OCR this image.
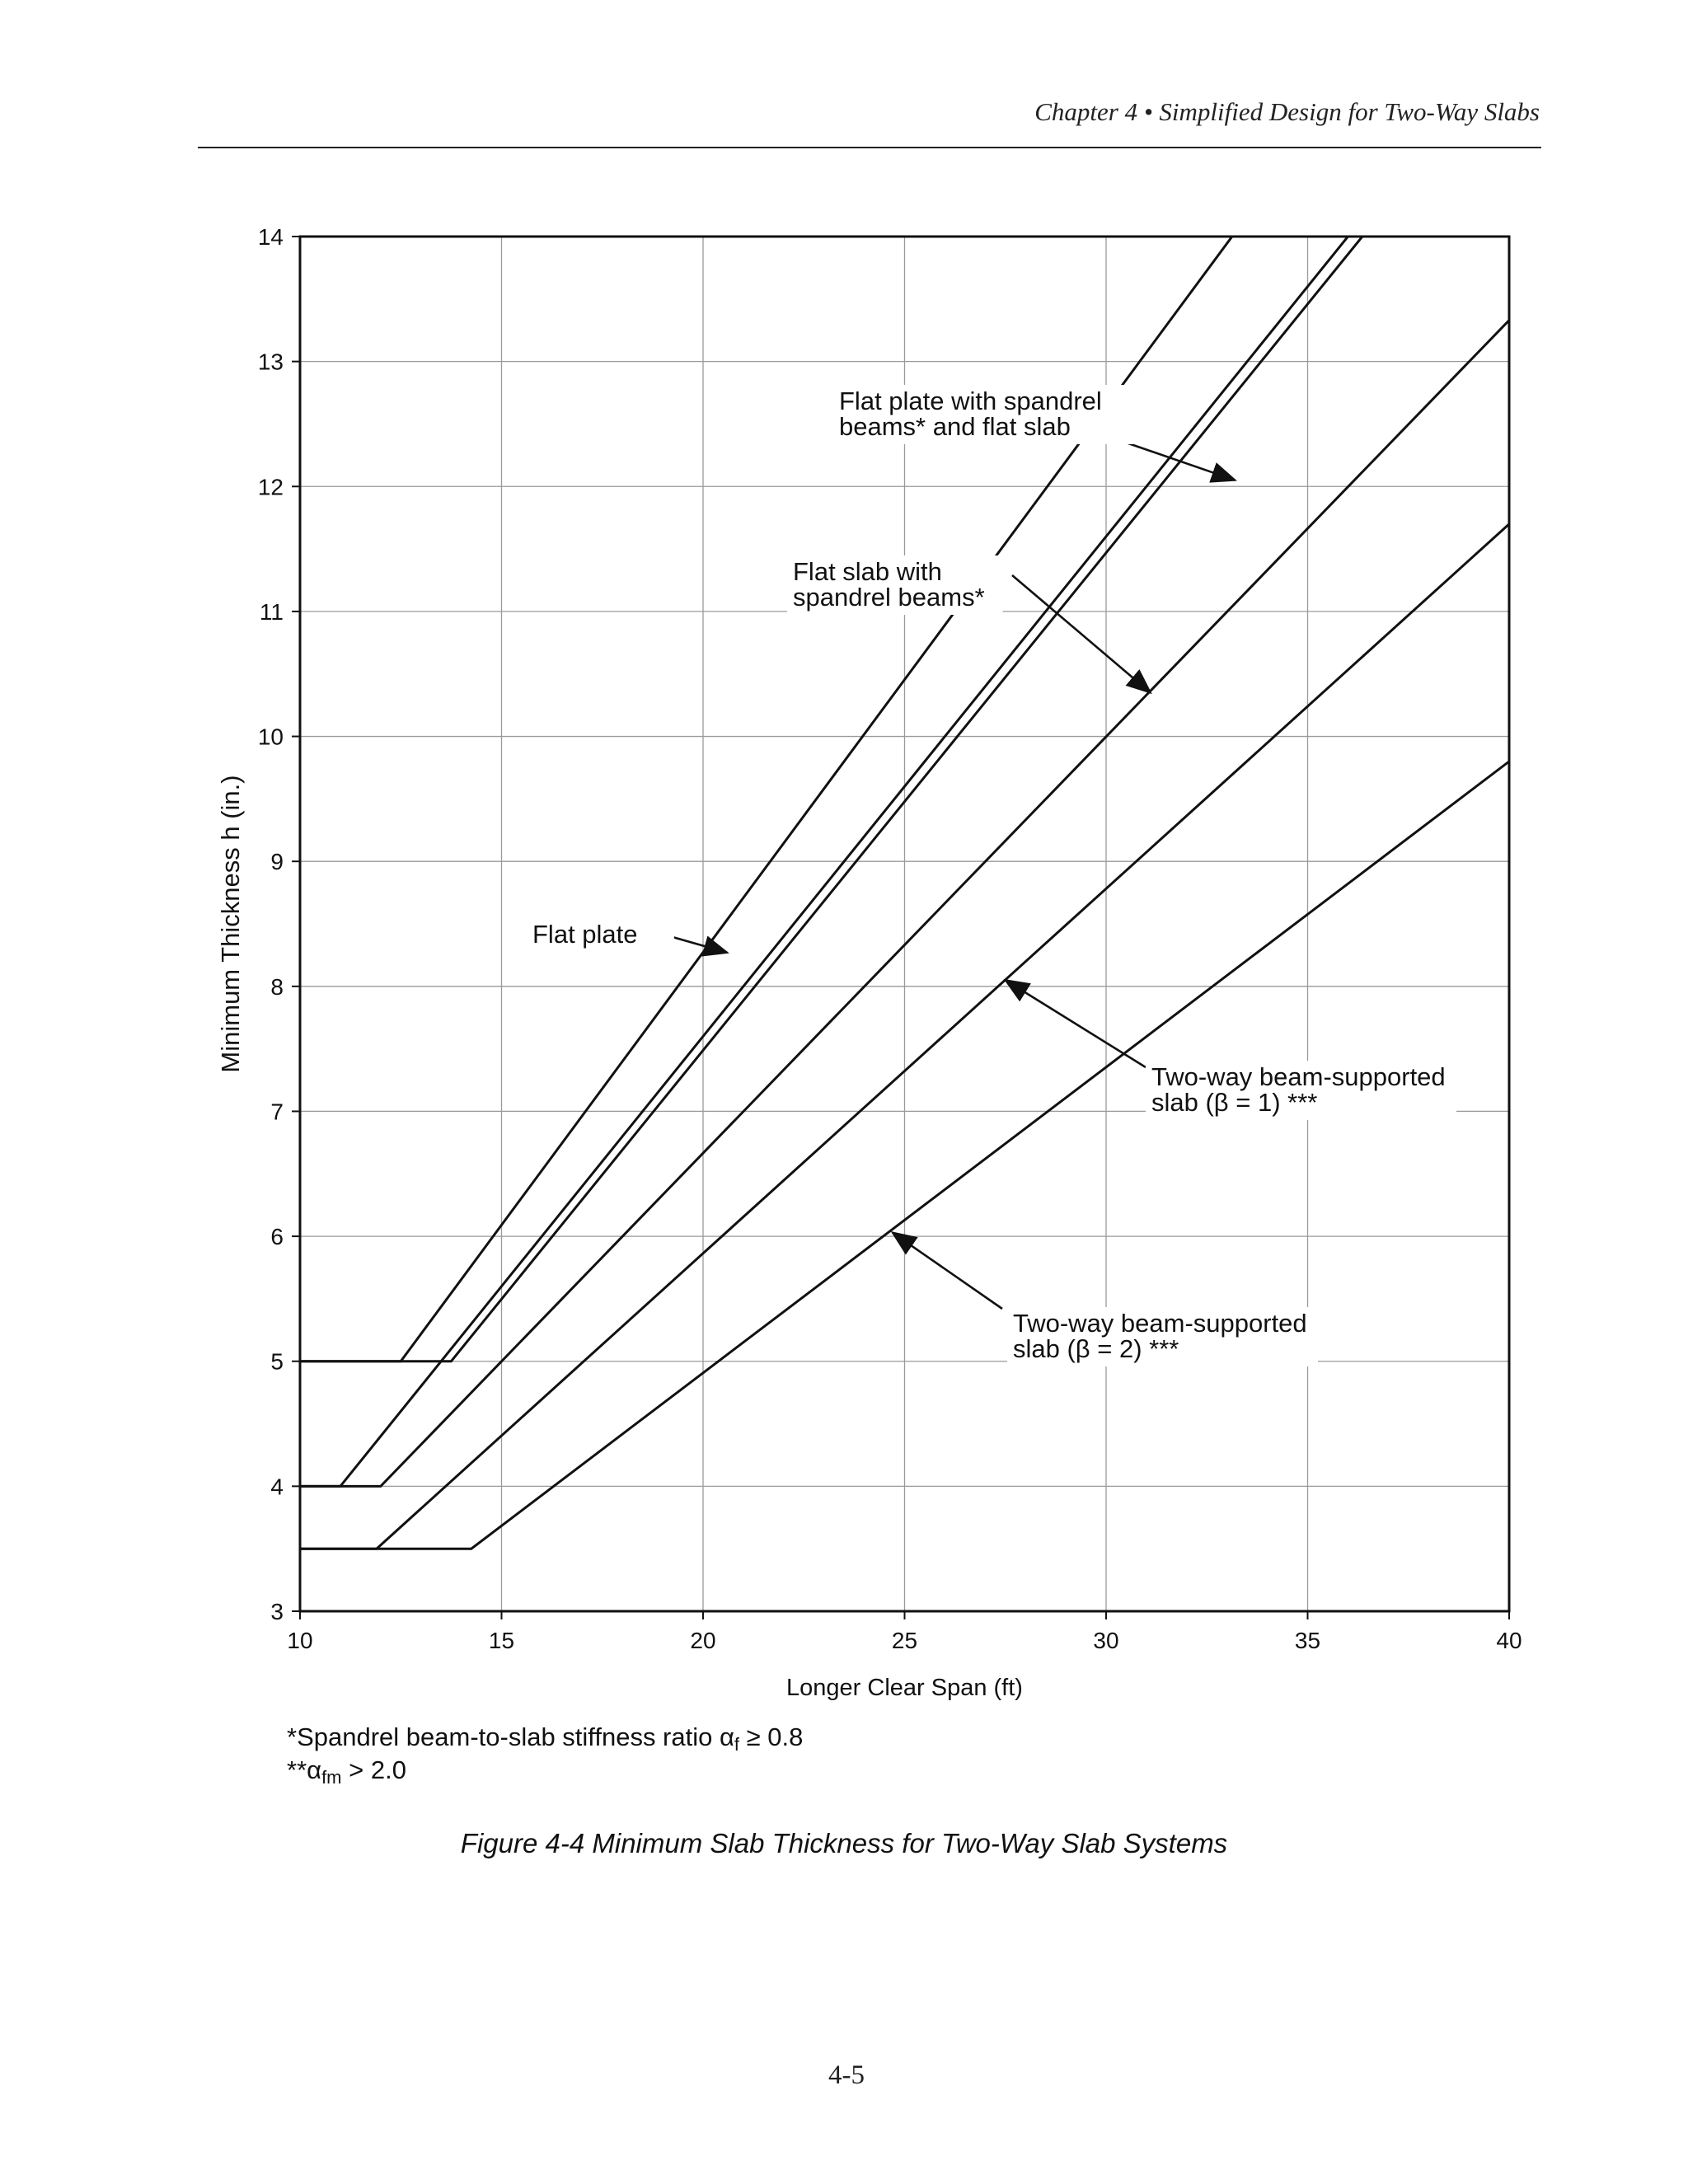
Chapter 4 • Simplified Design for Two-Way Slabs
10	15	20	25	30	35	40
3
4
5
6
7
8
9
10
11
12
13
14
Longer Clear Span (ft)
Minimum Thickness h (in.)
Flat plate with spandrel
beams* and flat slab
Flat slab with
spandrel beams*
Flat plate
Two-way beam-supported
slab (β = 1) ***
Two-way beam-supported
slab (β = 2) ***
*Spandrel beam-to-slab stiffness ratio $\alpha_f \ge 0.8$
$**\alpha_{fm} > 2.0$
Figure 4-4 Minimum Slab Thickness for Two-Way Slab Systems
4-5
